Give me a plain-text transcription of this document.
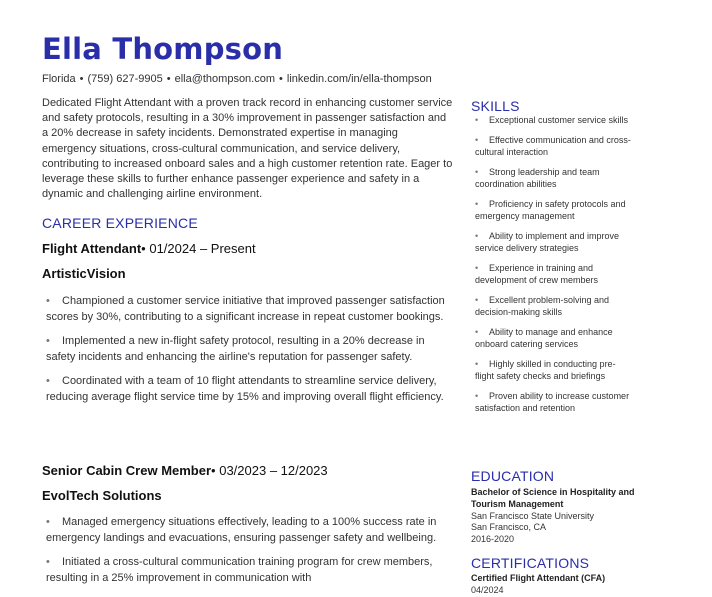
Ella Thompson
Florida • (759) 627-9905 • ella@thompson.com • linkedin.com/in/ella-thompson
Dedicated Flight Attendant with a proven track record in enhancing customer service and safety protocols, resulting in a 30% improvement in passenger satisfaction and a 20% decrease in safety incidents. Demonstrated expertise in managing emergency situations, cross-cultural communication, and service delivery, contributing to increased onboard sales and a high customer retention rate. Eager to leverage these skills to further enhance passenger experience and safety in a dynamic and challenging airline environment.
CAREER EXPERIENCE
Flight Attendant• 01/2024 – Present
ArtisticVision
• Championed a customer service initiative that improved passenger satisfaction scores by 30%, contributing to a significant increase in repeat customer bookings.
• Implemented a new in-flight safety protocol, resulting in a 20% decrease in safety incidents and enhancing the airline's reputation for passenger safety.
• Coordinated with a team of 10 flight attendants to streamline service delivery, reducing average flight service time by 15% and improving overall flight efficiency.
Senior Cabin Crew Member• 03/2023 – 12/2023
EvolTech Solutions
• Managed emergency situations effectively, leading to a 100% success rate in emergency landings and evacuations, ensuring passenger safety and wellbeing.
• Initiated a cross-cultural communication training program for crew members, resulting in a 25% improvement in communication with
SKILLS
• Exceptional customer service skills
• Effective communication and cross-cultural interaction
• Strong leadership and team coordination abilities
• Proficiency in safety protocols and emergency management
• Ability to implement and improve service delivery strategies
• Experience in training and development of crew members
• Excellent problem-solving and decision-making skills
• Ability to manage and enhance onboard catering services
• Highly skilled in conducting pre-flight safety checks and briefings
• Proven ability to increase customer satisfaction and retention
EDUCATION
Bachelor of Science in Hospitality and Tourism Management
San Francisco State University
San Francisco, CA
2016-2020
CERTIFICATIONS
Certified Flight Attendant (CFA)
04/2024
